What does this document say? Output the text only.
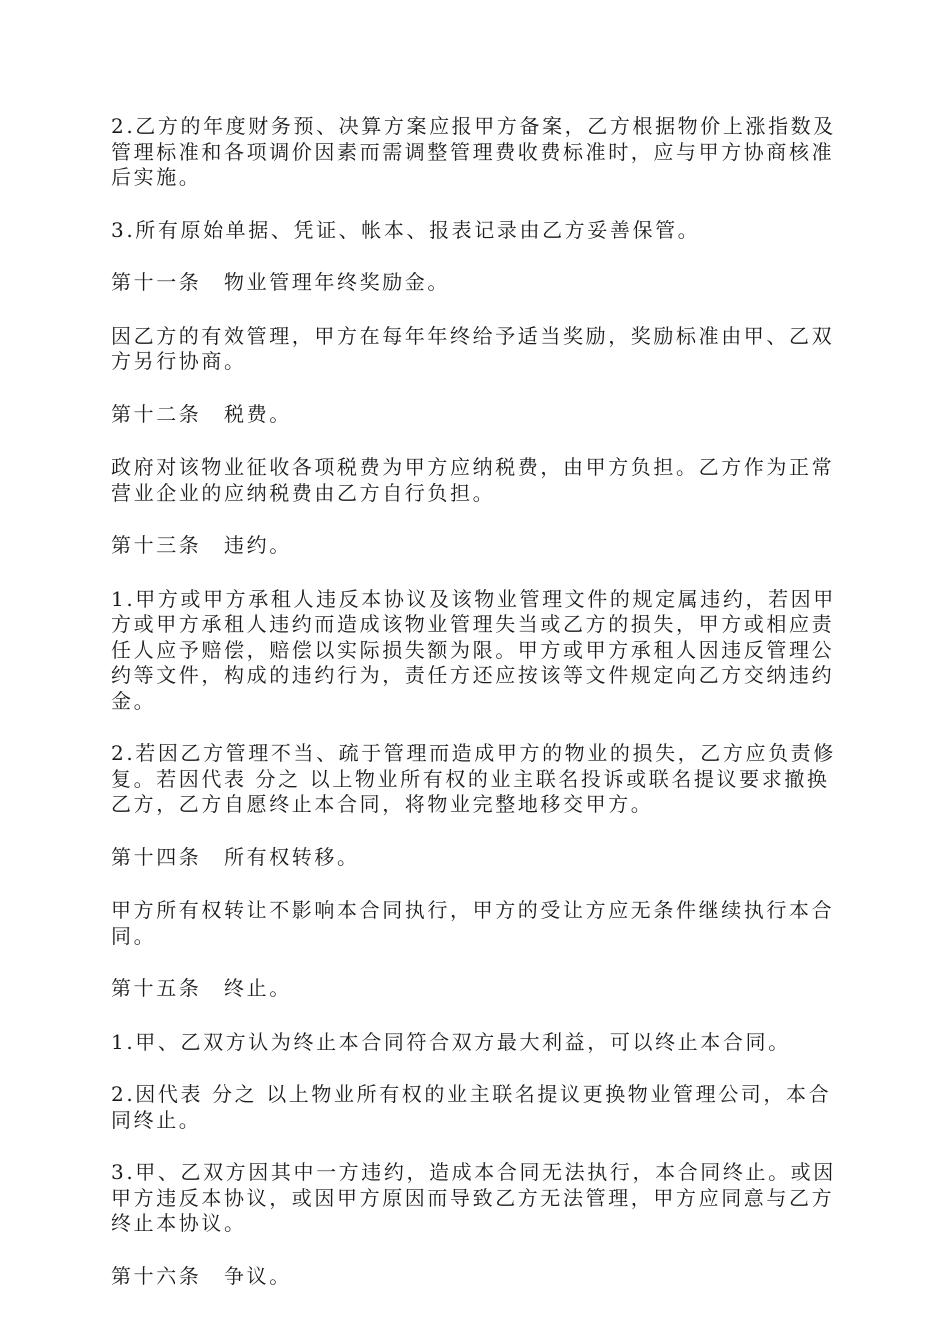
2.乙方的年度财务预、决算方案应报甲方备案，乙方根据物价上涨指数及管理标准和各项调价因素而需调整管理费收费标准时，应与甲方协商核准后实施。

3.所有原始单据、凭证、帐本、报表记录由乙方妥善保管。

第十一条　物业管理年终奖励金。

因乙方的有效管理，甲方在每年年终给予适当奖励，奖励标准由甲、乙双方另行协商。

第十二条　税费。

政府对该物业征收各项税费为甲方应纳税费，由甲方负担。乙方作为正常营业企业的应纳税费由乙方自行负担。

第十三条　违约。

1.甲方或甲方承租人违反本协议及该物业管理文件的规定属违约，若因甲方或甲方承租人违约而造成该物业管理失当或乙方的损失，甲方或相应责任人应予赔偿，赔偿以实际损失额为限。甲方或甲方承租人因违反管理公约等文件，构成的违约行为，责任方还应按该等文件规定向乙方交纳违约金。

2.若因乙方管理不当、疏于管理而造成甲方的物业的损失，乙方应负责修复。若因代表 分之 以上物业所有权的业主联名投诉或联名提议要求撤换乙方，乙方自愿终止本合同，将物业完整地移交甲方。

第十四条　所有权转移。

甲方所有权转让不影响本合同执行，甲方的受让方应无条件继续执行本合同。

第十五条　终止。

1.甲、乙双方认为终止本合同符合双方最大利益，可以终止本合同。

2.因代表 分之 以上物业所有权的业主联名提议更换物业管理公司，本合同终止。

3.甲、乙双方因其中一方违约，造成本合同无法执行，本合同终止。或因甲方违反本协议，或因甲方原因而导致乙方无法管理，甲方应同意与乙方终止本协议。

第十六条　争议。
